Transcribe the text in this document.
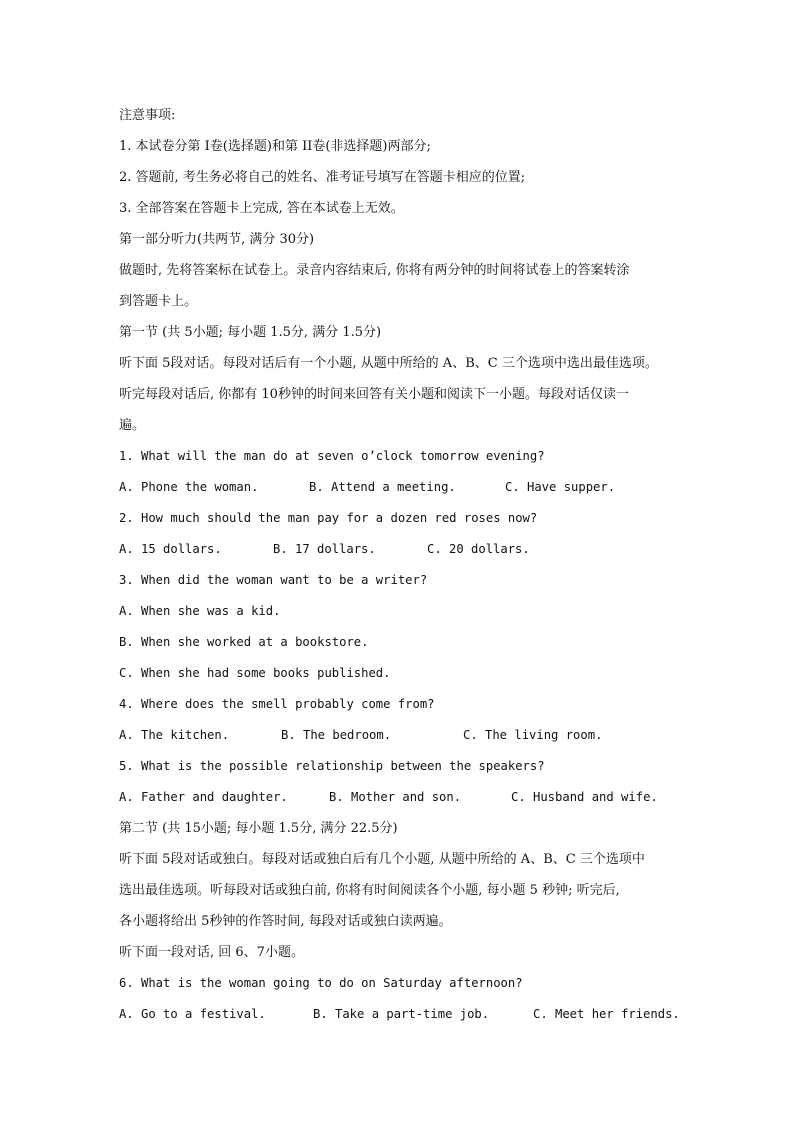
注意事项:
1. 本试卷分第 I卷(选择题)和第 II卷(非选择题)两部分;
2. 答题前, 考生务必将自己的姓名、准考证号填写在答题卡相应的位置;
3. 全部答案在答题卡上完成, 答在本试卷上无效。
第一部分听力(共两节, 满分 30分)
做题时, 先将答案标在试卷上。录音内容结束后, 你将有两分钟的时间将试卷上的答案转涂
到答题卡上。
第一节 (共 5小题; 每小题 1.5分, 满分 1.5分)
听下面 5段对话。每段对话后有一个小题, 从题中所给的 A、B、C 三个选项中选出最佳选项。
听完每段对话后, 你都有 10秒钟的时间来回答有关小题和阅读下一小题。每段对话仅读一
遍。
1. What will the man do at seven o’clock tomorrow evening?
A. Phone the woman.	B. Attend a meeting.	C. Have supper.
2. How much should the man pay for a dozen red roses now?
A. 15 dollars.	B. 17 dollars.	C. 20 dollars.
3. When did the woman want to be a writer?
A. When she was a kid.
B. When she worked at a bookstore.
C. When she had some books published.
4. Where does the smell probably come from?
A. The kitchen.	B. The bedroom.	C. The living room.
5. What is the possible relationship between the speakers?
A. Father and daughter.	B. Mother and son.	C. Husband and wife.
第二节 (共 15小题; 每小题 1.5分, 满分 22.5分)
听下面 5段对话或独白。每段对话或独白后有几个小题, 从题中所给的 A、B、C 三个选项中
选出最佳选项。听每段对话或独白前, 你将有时间阅读各个小题, 每小题 5 秒钟; 听完后,
各小题将给出 5秒钟的作答时间, 每段对话或独白读两遍。
听下面一段对话, 回 6、7小题。
6. What is the woman going to do on Saturday afternoon?
A. Go to a festival.	B. Take a part-time job.	C. Meet her friends.
